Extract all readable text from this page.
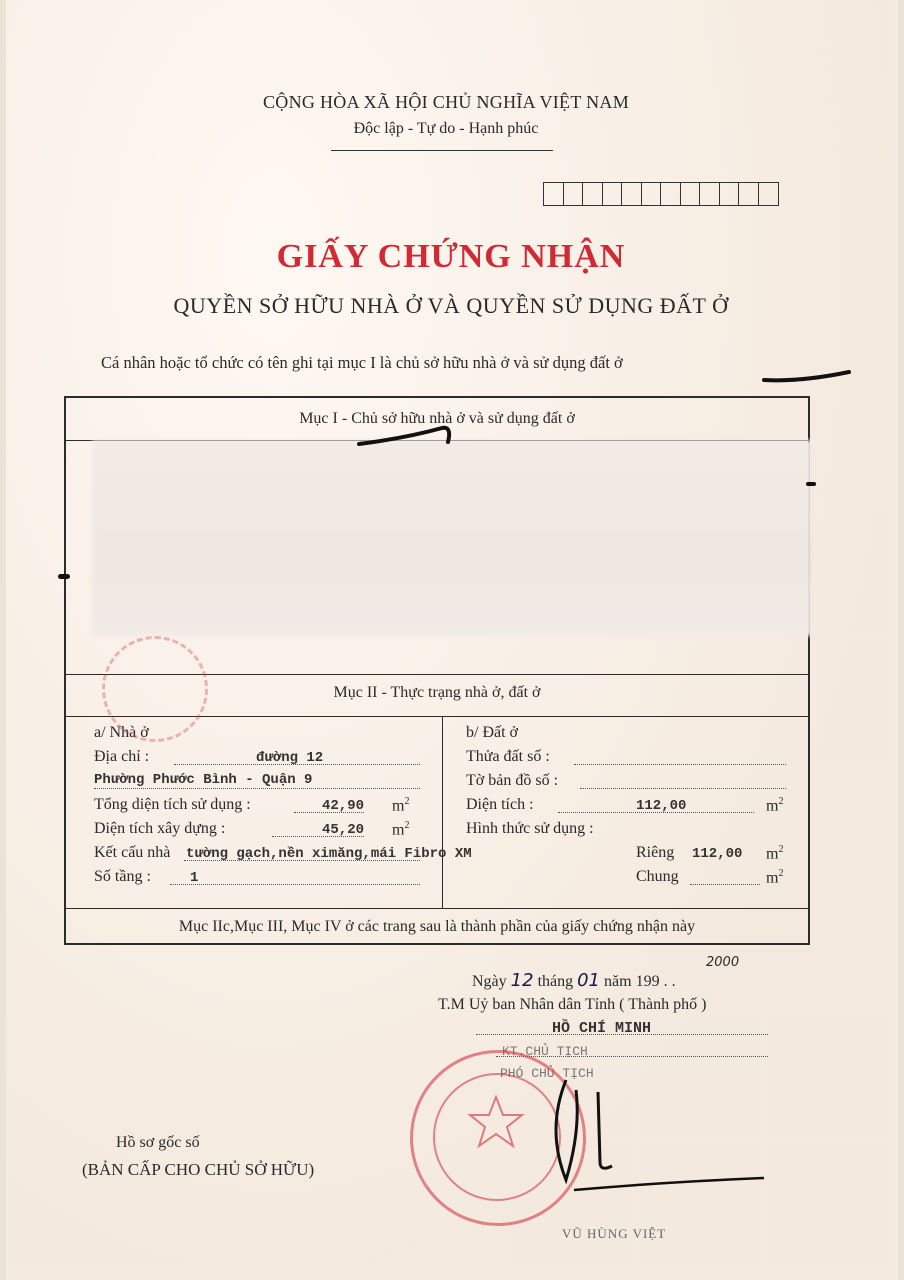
CỘNG HÒA XÃ HỘI CHỦ NGHĨA VIỆT NAM
Độc lập - Tự do - Hạnh phúc
GIẤY CHỨNG NHẬN
QUYỀN SỞ HỮU NHÀ Ở VÀ QUYỀN SỬ DỤNG ĐẤT Ở
Cá nhân hoặc tổ chức có tên ghi tại mục I là chủ sở hữu nhà ở và sử dụng đất ở
Mục I - Chủ sở hữu nhà ở và sử dụng đất ở
Mục II - Thực trạng nhà ở, đất ở
a/ Nhà ở
Địa chỉ :	đường 12
Phường Phước Bình - Quận 9
Tổng diện tích sử dụng :	42,90 $m^2$
Diện tích xây dựng :	45,20 $m^2$
Kết cấu nhà tường gạch,nền ximăng,mái Fibro XM
Số tầng :	1
b/ Đất ở
Thửa đất số :
Tờ bản đồ số :
Diện tích :	112,00	$m^2$
Hình thức sử dụng :
Riêng 112,00 $m^2$
Chung	$m^2$
Mục IIc,Mục III, Mục IV ở các trang sau là thành phần của giấy chứng nhận này
Ngày 12 tháng 01 năm 199 . .
2000
T.M Uỷ ban Nhân dân Tỉnh ( Thành phố )
HỒ CHÍ MINH
KT.CHỦ TỊCH
PHÓ CHỦ TỊCH
VŨ HÙNG VIỆT
Hồ sơ gốc số
(BẢN CẤP CHO CHỦ SỞ HỮU)
